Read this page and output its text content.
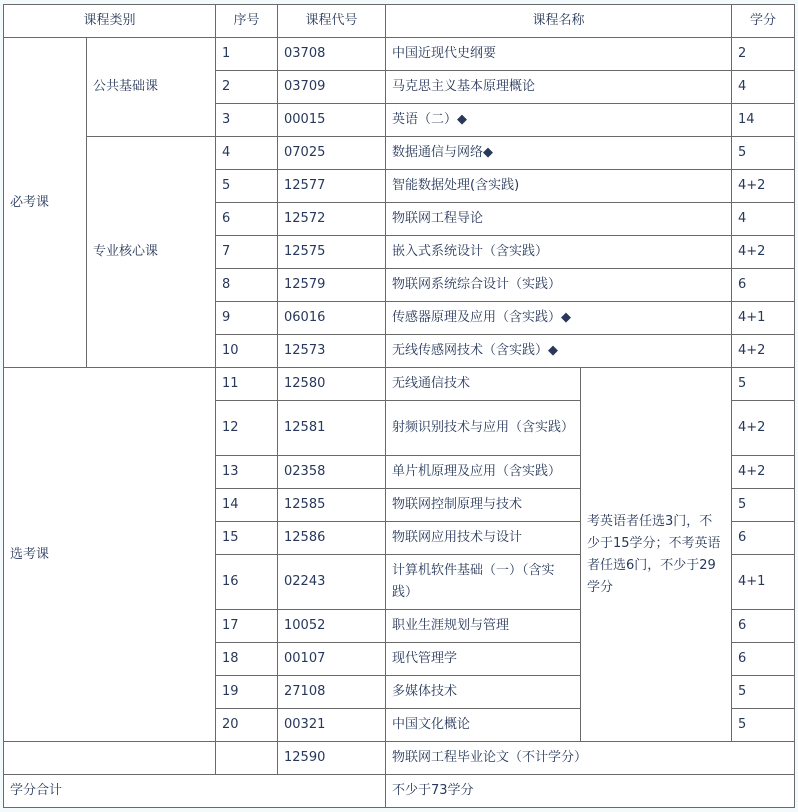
课程类别		序号	课程代号	课程名称		学分
必考课	公共基础课	1	03708	中国近现代史纲要		2
		2	03709	马克思主义基本原理概论		4
		3	00015	英语（二）◆		14
	专业核心课	4	07025	数据通信与网络◆		5
		5	12577	智能数据处理(含实践)		4+2
		6	12572	物联网工程导论		4
		7	12575	嵌入式系统设计（含实践）		4+2
		8	12579	物联网系统综合设计（实践）		6
		9	06016	传感器原理及应用（含实践）◆		4+1
		10	12573	无线传感网技术（含实践）◆		4+2
选考课		11	12580	无线通信技术	考英语者任选3门，不少于15学分；不考英语者任选6门，不少于29学分	5
		12	12581	射频识别技术与应用（含实践）		4+2
		13	02358	单片机原理及应用（含实践）		4+2
		14	12585	物联网控制原理与技术		5
		15	12586	物联网应用技术与设计		6
		16	02243	计算机软件基础（一）（含实践）		4+1
		17	10052	职业生涯规划与管理		6
		18	00107	现代管理学		6
		19	27108	多媒体技术		5
		20	00321	中国文化概论		5
			12590	物联网工程毕业论文（不计学分）		
学分合计				不少于73学分		
